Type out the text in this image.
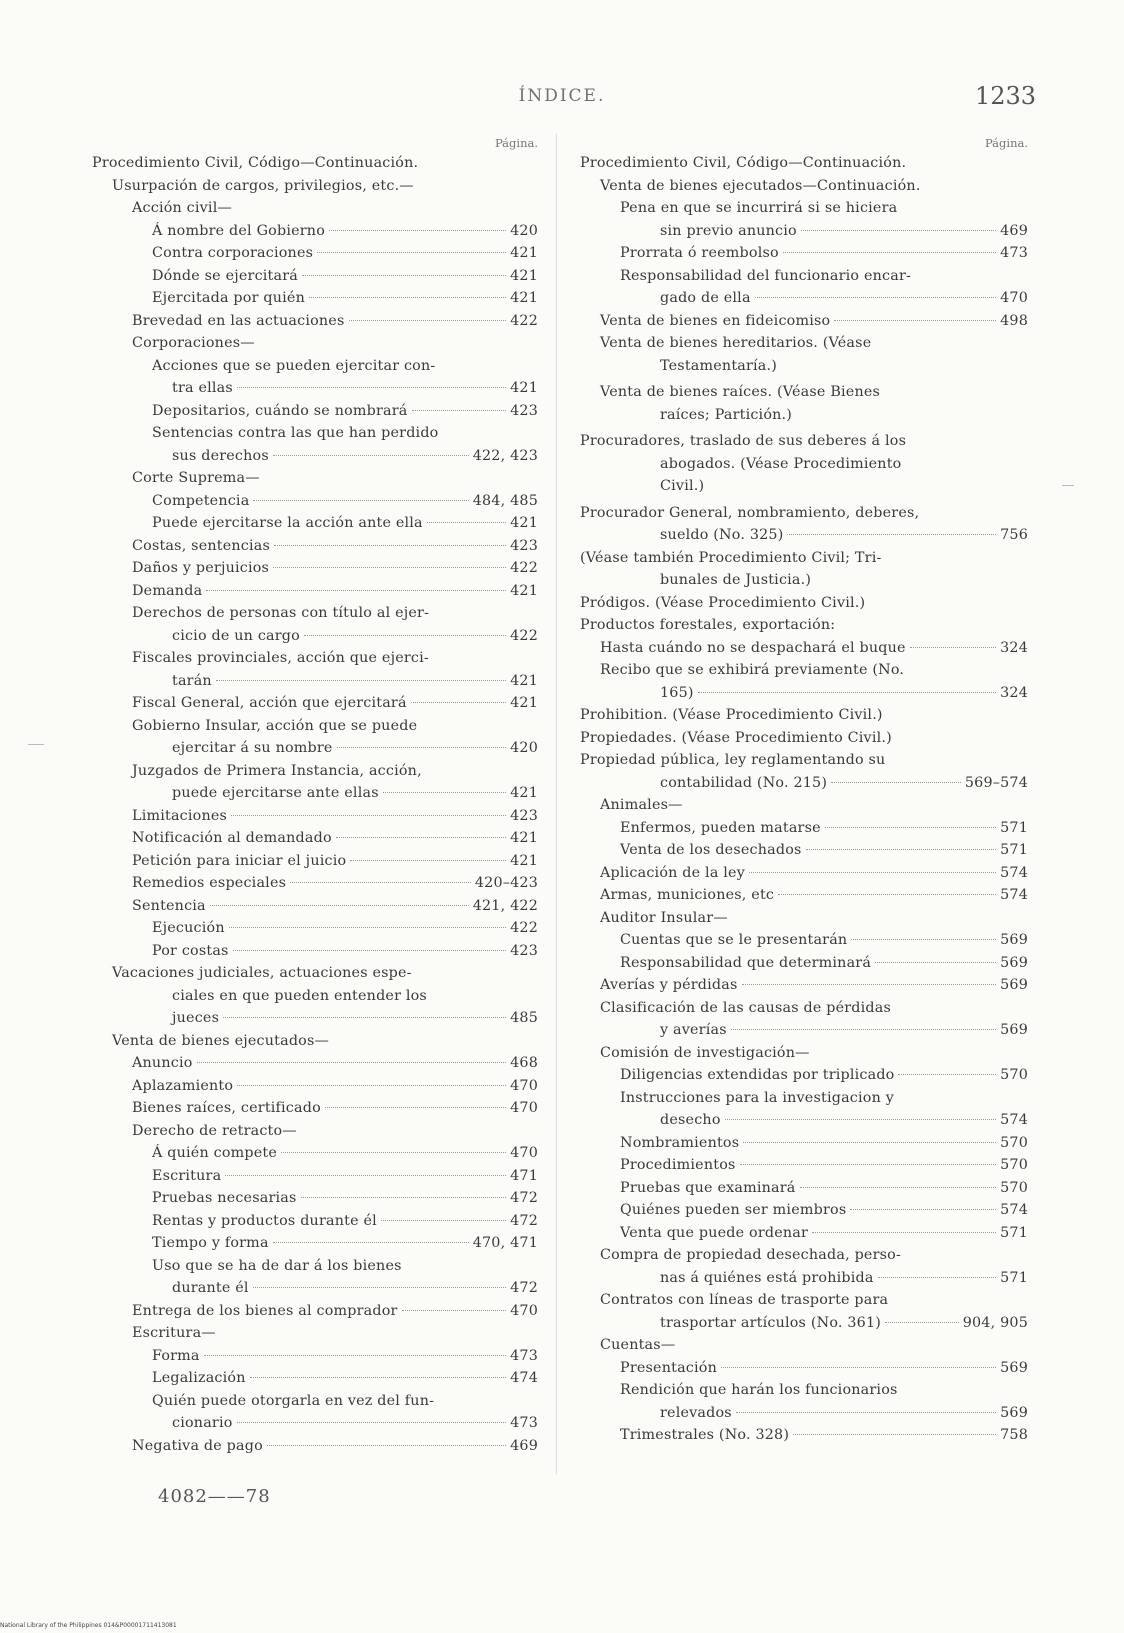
ÍNDICE.	1233
Página.
Procedimiento Civil, Código—Continuación.
Usurpación de cargos, privilegios, etc.—
Acción civil—
Á nombre del Gobierno	420
Contra corporaciones	421
Dónde se ejercitará	421
Ejercitada por quién	421
Brevedad en las actuaciones	422
Corporaciones—
Acciones que se pueden ejercitar con-
tra ellas	421
Depositarios, cuándo se nombrará	423
Sentencias contra las que han perdido
sus derechos	422, 423
Corte Suprema—
Competencia	484, 485
Puede ejercitarse la acción ante ella	421
Costas, sentencias	423
Daños y perjuicios	422
Demanda	421
Derechos de personas con título al ejer-
cicio de un cargo	422
Fiscales provinciales, acción que ejerci-
tarán	421
Fiscal General, acción que ejercitará	421
Gobierno Insular, acción que se puede
ejercitar á su nombre	420
Juzgados de Primera Instancia, acción,
puede ejercitarse ante ellas	421
Limitaciones	423
Notificación al demandado	421
Petición para iniciar el juicio	421
Remedios especiales	420–423
Sentencia	421, 422
Ejecución	422
Por costas	423
Vacaciones judiciales, actuaciones espe-
ciales en que pueden entender los
jueces	485
Venta de bienes ejecutados—
Anuncio	468
Aplazamiento	470
Bienes raíces, certificado	470
Derecho de retracto—
Á quién compete	470
Escritura	471
Pruebas necesarias	472
Rentas y productos durante él	472
Tiempo y forma	470, 471
Uso que se ha de dar á los bienes
durante él	472
Entrega de los bienes al comprador	470
Escritura—
Forma	473
Legalización	474
Quién puede otorgarla en vez del fun-
cionario	473
Negativa de pago	469
Página.
Procedimiento Civil, Código—Continuación.
Venta de bienes ejecutados—Continuación.
Pena en que se incurrirá si se hiciera
sin previo anuncio	469
Prorrata ó reembolso	473
Responsabilidad del funcionario encar-
gado de ella	470
Venta de bienes en fideicomiso	498
Venta de bienes hereditarios. (Véase
Testamentaría.)
Venta de bienes raíces. (Véase Bienes
raíces; Partición.)
Procuradores, traslado de sus deberes á los
abogados. (Véase Procedimiento
Civil.)
Procurador General, nombramiento, deberes,
sueldo (No. 325)	756
(Véase también Procedimiento Civil; Tri-
bunales de Justicia.)
Pródigos. (Véase Procedimiento Civil.)
Productos forestales, exportación:
Hasta cuándo no se despachará el buque	324
Recibo que se exhibirá previamente (No.
165)	324
Prohibition. (Véase Procedimiento Civil.)
Propiedades. (Véase Procedimiento Civil.)
Propiedad pública, ley reglamentando su
contabilidad (No. 215)	569–574
Animales—
Enfermos, pueden matarse	571
Venta de los desechados	571
Aplicación de la ley	574
Armas, municiones, etc	574
Auditor Insular—
Cuentas que se le presentarán	569
Responsabilidad que determinará	569
Averías y pérdidas	569
Clasificación de las causas de pérdidas
y averías	569
Comisión de investigación—
Diligencias extendidas por triplicado	570
Instrucciones para la investigacion y
desecho	574
Nombramientos	570
Procedimientos	570
Pruebas que examinará	570
Quiénes pueden ser miembros	574
Venta que puede ordenar	571
Compra de propiedad desechada, perso-
nas á quiénes está prohibida	571
Contratos con líneas de trasporte para
trasportar artículos (No. 361)	904, 905
Cuentas—
Presentación	569
Rendición que harán los funcionarios
relevados	569
Trimestrales (No. 328)	758
4082——78
National Library of the Philippines 014&P00001711413081
